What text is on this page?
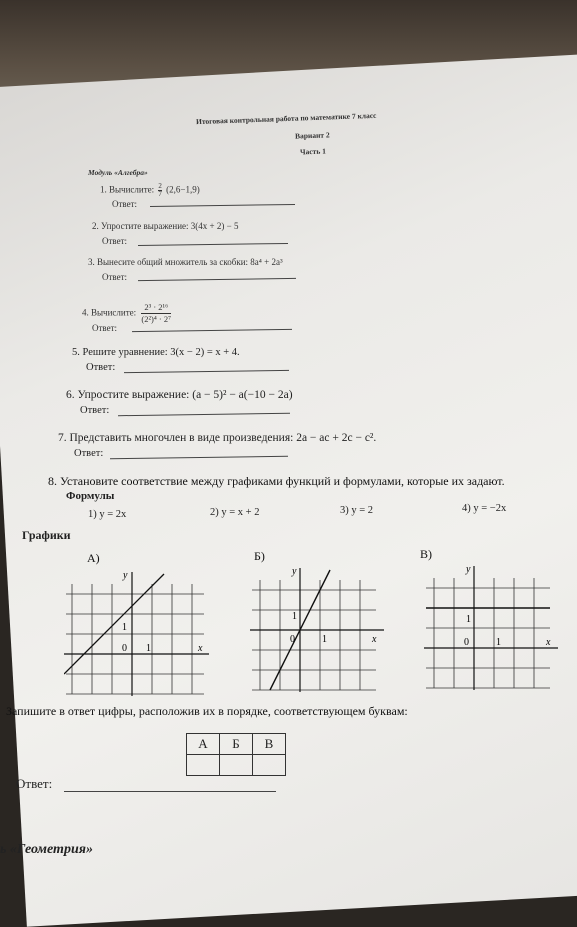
Итоговая контрольная работа по математике 7 класс
Вариант 2
Часть 1
Модуль «Алгебра»
1. Вычислите: $\frac{2}{7} (2,6-1,9)$
Ответ:
2. Упростите выражение: 3(4x + 2) − 5
Ответ:
3. Вынесите общий множитель за скобки: 8a⁴ + 2a³
Ответ:
4. Вычислите: $\frac{\text{2³ · 2¹⁶}}{\text{(2²)⁴ · 2⁷}}$
Ответ:
5. Решите уравнение: 3(x − 2) = x + 4.
Ответ:
6. Упростите выражение: (a − 5)² − a(−10 − 2a)
Ответ:
7. Представить многочлен в виде произведения: 2a − ac + 2c − c².
Ответ:
8. Установите соответствие между графиками функций и формулами, которые их задают.
Формулы
1) y = 2x	2) y = x + 2	3) y = 2	4) y = −2x
Графики
А)	Б)	В)
y
x
0 1
1
y
x
0	1
1
y
x
0	1
1
Запишите в ответ цифры, расположив их в порядке, соответствующем буквам:
А	Б	В

Ответ:
ь «Геометрия»
